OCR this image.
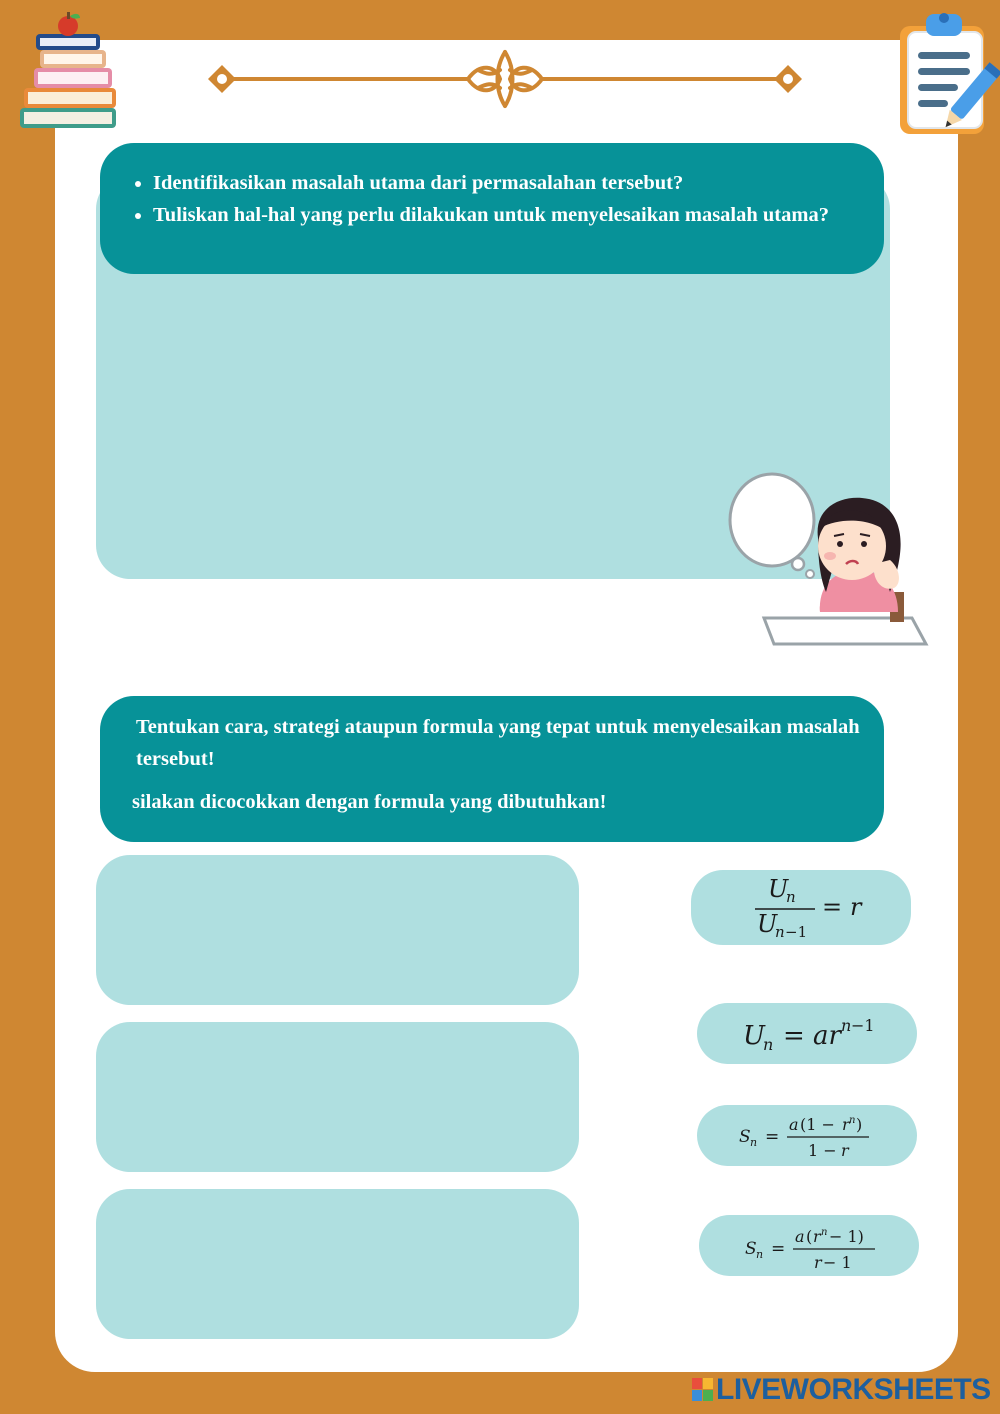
• Identifikasikan masalah utama dari permasalahan tersebut?
• Tuliskan hal-hal yang perlu dilakukan untuk menyelesaikan masalah utama?
Tentukan cara, strategi ataupun formula yang tepat untuk menyelesaikan masalah tersebut!
silakan dicocokkan dengan formula yang dibutuhkan!
U
n
U
n −1
= r
U
n = ar n −1
S n =
a (1 − r n )
1 − r
S n =
a ( r n − 1)
r − 1
LIVEWORKSHEETS
